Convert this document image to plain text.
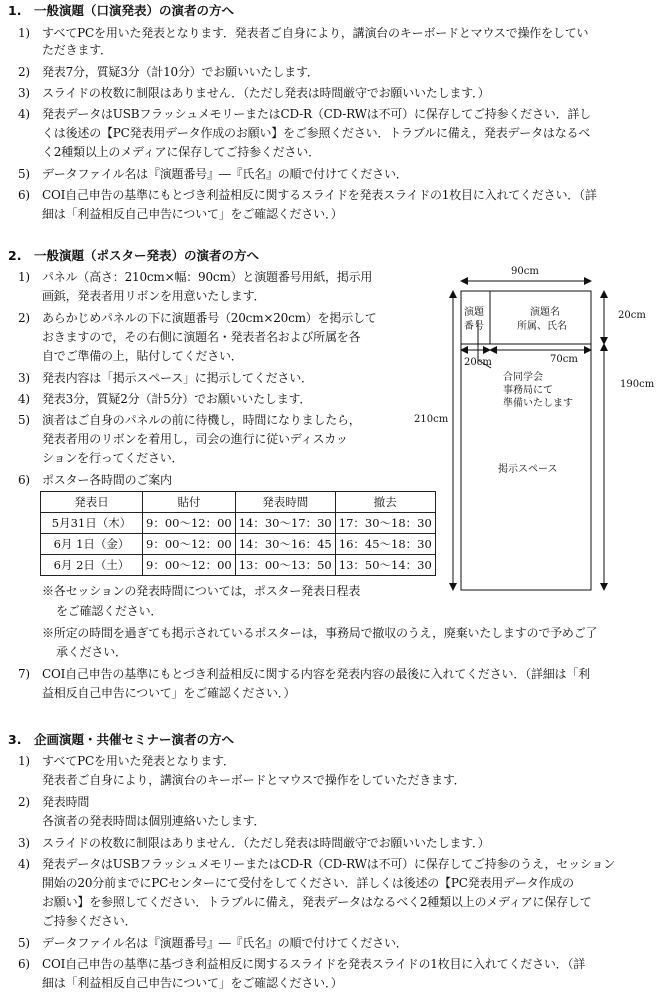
1.　一般演題（口演発表）の演者の方へ
1) すべてPCを用いた発表となります．発表者ご自身により，講演台のキーボードとマウスで操作をしてい
ただきます．
2) 発表7分，質疑3分（計10分）でお願いいたします．
3) スライドの枚数に制限はありません．（ただし発表は時間厳守でお願いいたします．）
4) 発表データはUSBフラッシュメモリーまたはCD-R（CD-RWは不可）に保存してご持参ください．詳し
くは後述の【PC発表用データ作成のお願い】をご参照ください．トラブルに備え，発表データはなるべ
く2種類以上のメディアに保存してご持参ください．
5) データファイル名は『演題番号』―『氏名』の順で付けてください．
6) COI自己申告の基準にもとづき利益相反に関するスライドを発表スライドの1枚目に入れてください．（詳
細は「利益相反自己申告について」をご確認ください．）
2.　一般演題（ポスター発表）の演者の方へ
1) パネル（高さ：210cm×幅：90cm）と演題番号用紙，掲示用
画鋲，発表者用リボンを用意いたします．
2) あらかじめパネルの下に演題番号（20cm×20cm）を掲示して
おきますので，その右側に演題名・発表者名および所属を各
自でご準備の上，貼付してください．
3) 発表内容は「掲示スペース」に掲示してください．
4) 発表3分，質疑2分（計5分）でお願いいたします．
5) 演者はご自身のパネルの前に待機し，時間になりましたら，
発表者用のリボンを着用し，司会の進行に従いディスカッ
ションを行ってください．
6) ポスター各時間のご案内
発表日	貼付	発表時間	撤去
5月31日（木）	9：00～12：00	14：30～17：30	17：30～18：30
6月 1日（金）	9：00～12：00	14：30～16：45	16：45～18：30
6月 2日（土）	9：00～12：00	13：00～13：50	13：50～14：30
※各セッションの発表時間については，ポスター発表日程表
をご確認ください．
※所定の時間を過ぎても掲示されているポスターは，事務局で撤収のうえ，廃棄いたしますので予めご了
承ください．
7) COI自己申告の基準にもとづき利益相反に関する内容を発表内容の最後に入れてください．（詳細は「利
益相反自己申告について」をご確認ください．）
90cm
210cm
20cm
190cm
20cm	70cm
演題
番号
演題名
所属、氏名
合同学会
事務局にて
準備いたします
掲示スペース
3.　企画演題・共催セミナー演者の方へ
1) すべてPCを用いた発表となります．
発表者ご自身により，講演台のキーボードとマウスで操作をしていただきます．
2) 発表時間
各演者の発表時間は個別連絡いたします．
3) スライドの枚数に制限はありません．（ただし発表は時間厳守でお願いいたします．）
4) 発表データはUSBフラッシュメモリーまたはCD-R（CD-RWは不可）に保存してご持参のうえ，セッション
開始の20分前までにPCセンターにて受付をしてください．詳しくは後述の【PC発表用データ作成の
お願い】を参照してください．トラブルに備え，発表データはなるべく2種類以上のメディアに保存して
ご持参ください．
5) データファイル名は『演題番号』―『氏名』の順で付けてください．
6) COI自己申告の基準に基づき利益相反に関するスライドを発表スライドの1枚目に入れてください．（詳
細は「利益相反自己申告について」をご確認ください．）
